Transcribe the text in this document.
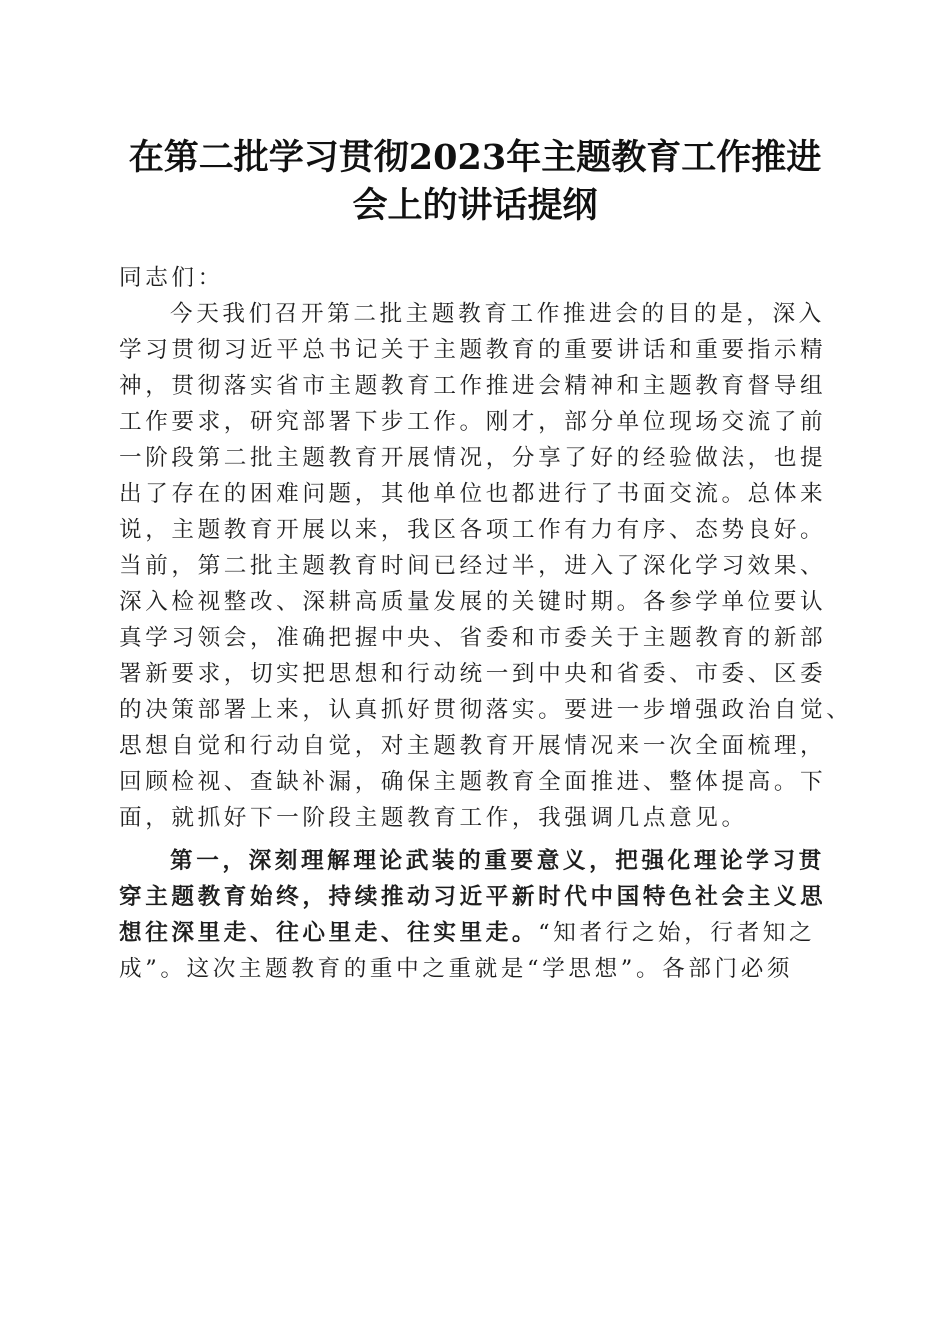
在第二批学习贯彻2023年主题教育工作推进
会上的讲话提纲
同志们：
今天我们召开第二批主题教育工作推进会的目的是，深入
学习贯彻习近平总书记关于主题教育的重要讲话和重要指示精
神，贯彻落实省市主题教育工作推进会精神和主题教育督导组
工作要求，研究部署下步工作。刚才，部分单位现场交流了前
一阶段第二批主题教育开展情况，分享了好的经验做法，也提
出了存在的困难问题，其他单位也都进行了书面交流。总体来
说，主题教育开展以来，我区各项工作有力有序、态势良好。
当前，第二批主题教育时间已经过半，进入了深化学习效果、
深入检视整改、深耕高质量发展的关键时期。各参学单位要认
真学习领会，准确把握中央、省委和市委关于主题教育的新部
署新要求，切实把思想和行动统一到中央和省委、市委、区委
的决策部署上来，认真抓好贯彻落实。要进一步增强政治自觉、
思想自觉和行动自觉，对主题教育开展情况来一次全面梳理，
回顾检视、查缺补漏，确保主题教育全面推进、整体提高。下
面，就抓好下一阶段主题教育工作，我强调几点意见。
第一，深刻理解理论武装的重要意义，把强化理论学习贯
穿主题教育始终，持续推动习近平新时代中国特色社会主义思
想往深里走、往心里走、往实里走。“知者行之始，行者知之
成”。这次主题教育的重中之重就是“学思想”。各部门必须
